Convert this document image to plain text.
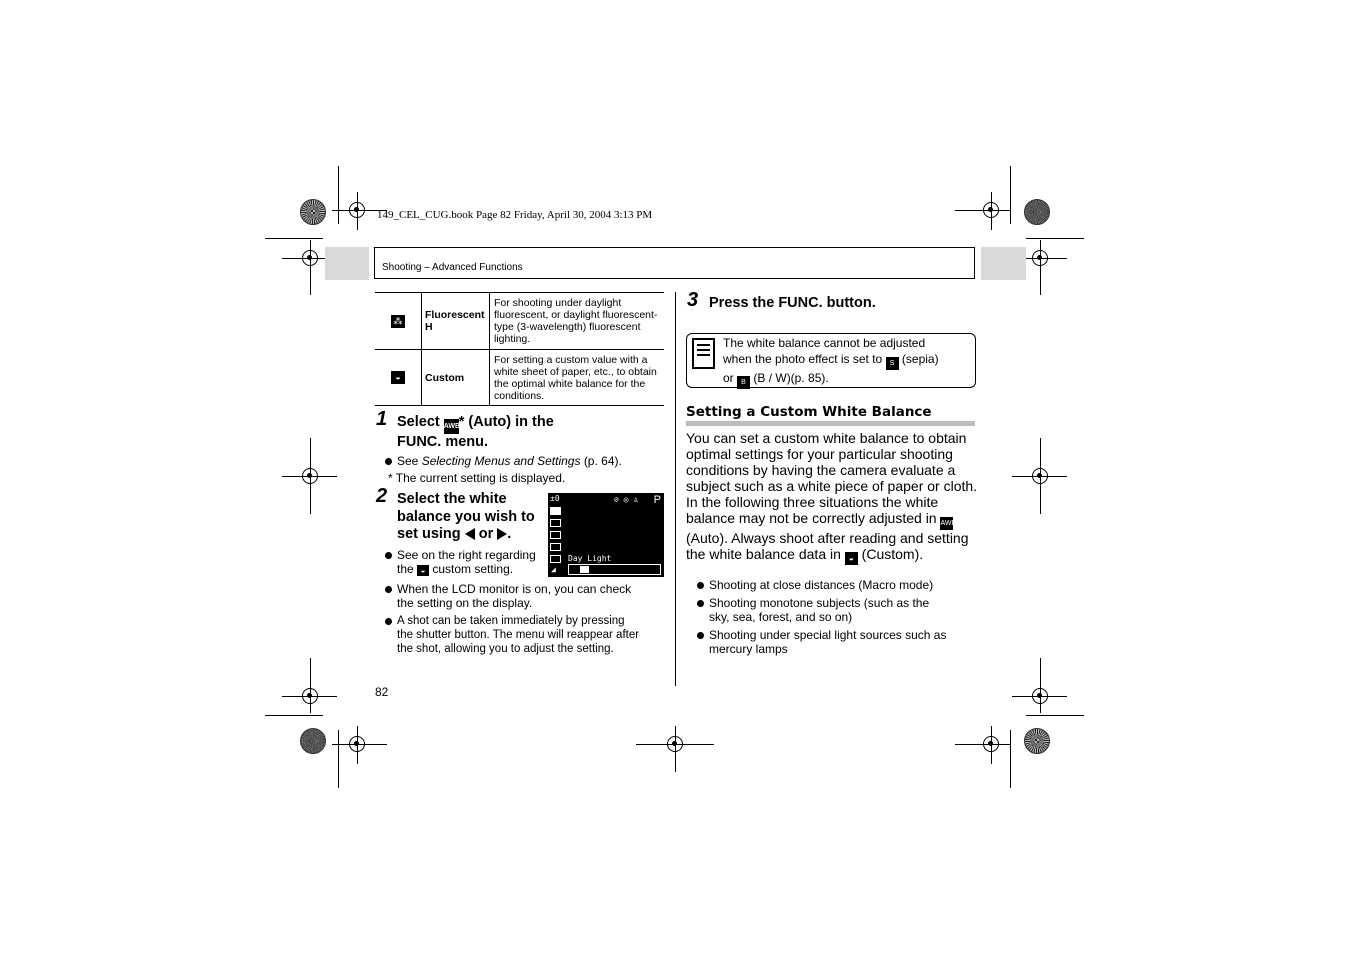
149_CEL_CUG.book Page 82 Friday, April 30, 2004 3:13 PM
Shooting – Advanced Functions
⁂	Fluorescent H	For shooting under daylight fluorescent, or daylight fluorescent-type (3-wavelength) fluorescent lighting.
◒	Custom	For setting a custom value with a white sheet of paper, etc., to obtain the optimal white balance for the conditions.
1 Select AWB* (Auto) in the
FUNC. menu.
See Selecting Menus and Settings (p. 64).
* The current setting is displayed.
2 Select the white
balance you wish to
set using or .
±0	P
⊘ ◎ ♙
Day Light
◢
See on the right regarding
the ◒ custom setting.
When the LCD monitor is on, you can check
the setting on the display.
A shot can be taken immediately by pressing
the shutter button. The menu will reappear after
the shot, allowing you to adjust the setting.
82
3 Press the FUNC. button.
The white balance cannot be adjusted
when the photo effect is set to S (sepia)
or B (B / W)(p. 85).
Setting a Custom White Balance
You can set a custom white balance to obtain optimal settings for your particular shooting conditions by having the camera evaluate a subject such as a white piece of paper or cloth. In the following three situations the white balance may not be correctly adjusted in AWB (Auto). Always shoot after reading and setting the white balance data in ◒ (Custom).
Shooting at close distances (Macro mode)
Shooting monotone subjects (such as the
sky, sea, forest, and so on)
Shooting under special light sources such as
mercury lamps
